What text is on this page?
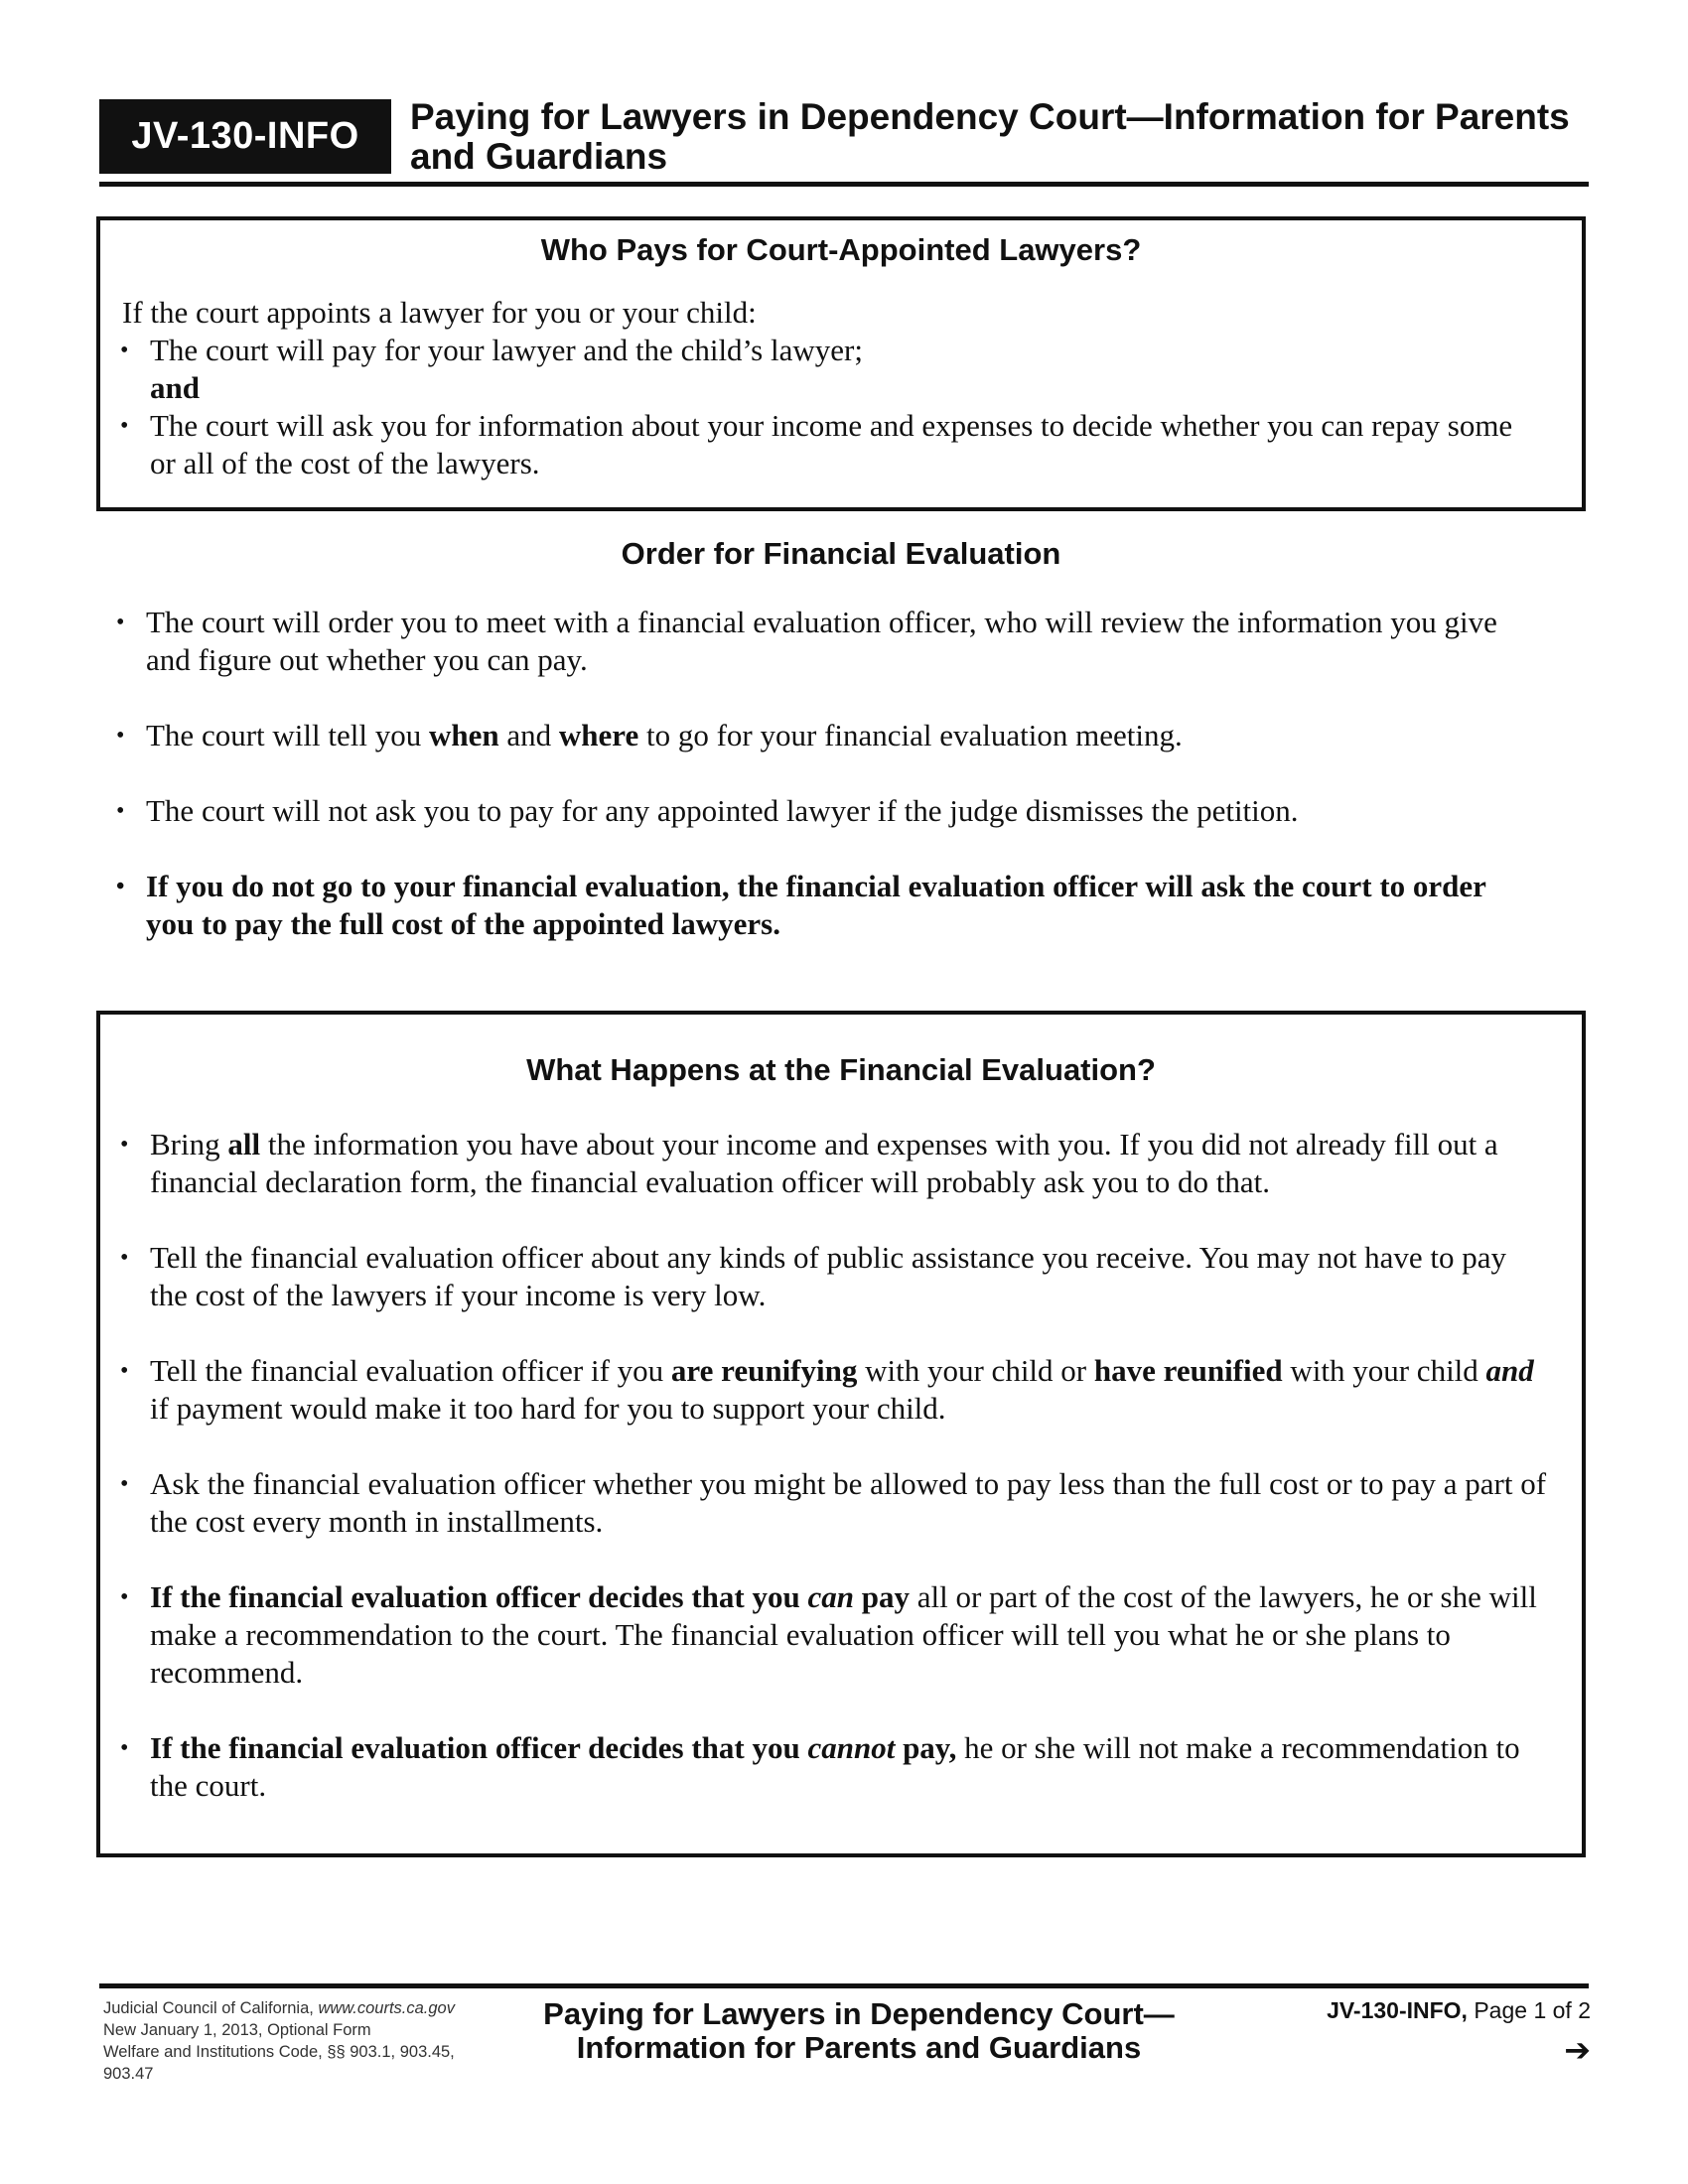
JV-130-INFO	Paying for Lawyers in Dependency Court—Information for Parents and Guardians
Who Pays for Court-Appointed Lawyers?
If the court appoints a lawyer for you or your child:
• The court will pay for your lawyer and the child’s lawyer;
and
• The court will ask you for information about your income and expenses to decide whether you can repay some or all of the cost of the lawyers.
Order for Financial Evaluation
• The court will order you to meet with a financial evaluation officer, who will review the information you give and figure out whether you can pay.
• The court will tell you when and where to go for your financial evaluation meeting.
• The court will not ask you to pay for any appointed lawyer if the judge dismisses the petition.
• If you do not go to your financial evaluation, the financial evaluation officer will ask the court to order you to pay the full cost of the appointed lawyers.
What Happens at the Financial Evaluation?
• Bring all the information you have about your income and expenses with you. If you did not already fill out a financial declaration form, the financial evaluation officer will probably ask you to do that.
• Tell the financial evaluation officer about any kinds of public assistance you receive. You may not have to pay the cost of the lawyers if your income is very low.
• Tell the financial evaluation officer if you are reunifying with your child or have reunified with your child and if payment would make it too hard for you to support your child.
• Ask the financial evaluation officer whether you might be allowed to pay less than the full cost or to pay a part of the cost every month in installments.
• If the financial evaluation officer decides that you can pay all or part of the cost of the lawyers, he or she will make a recommendation to the court. The financial evaluation officer will tell you what he or she plans to recommend.
• If the financial evaluation officer decides that you cannot pay, he or she will not make a recommendation to the court.
Judicial Council of California, www.courts.ca.gov
New January 1, 2013, Optional Form
Welfare and Institutions Code, §§ 903.1, 903.45, 903.47
Paying for Lawyers in Dependency Court—Information for Parents and Guardians
JV-130-INFO, Page 1 of 2
➔
